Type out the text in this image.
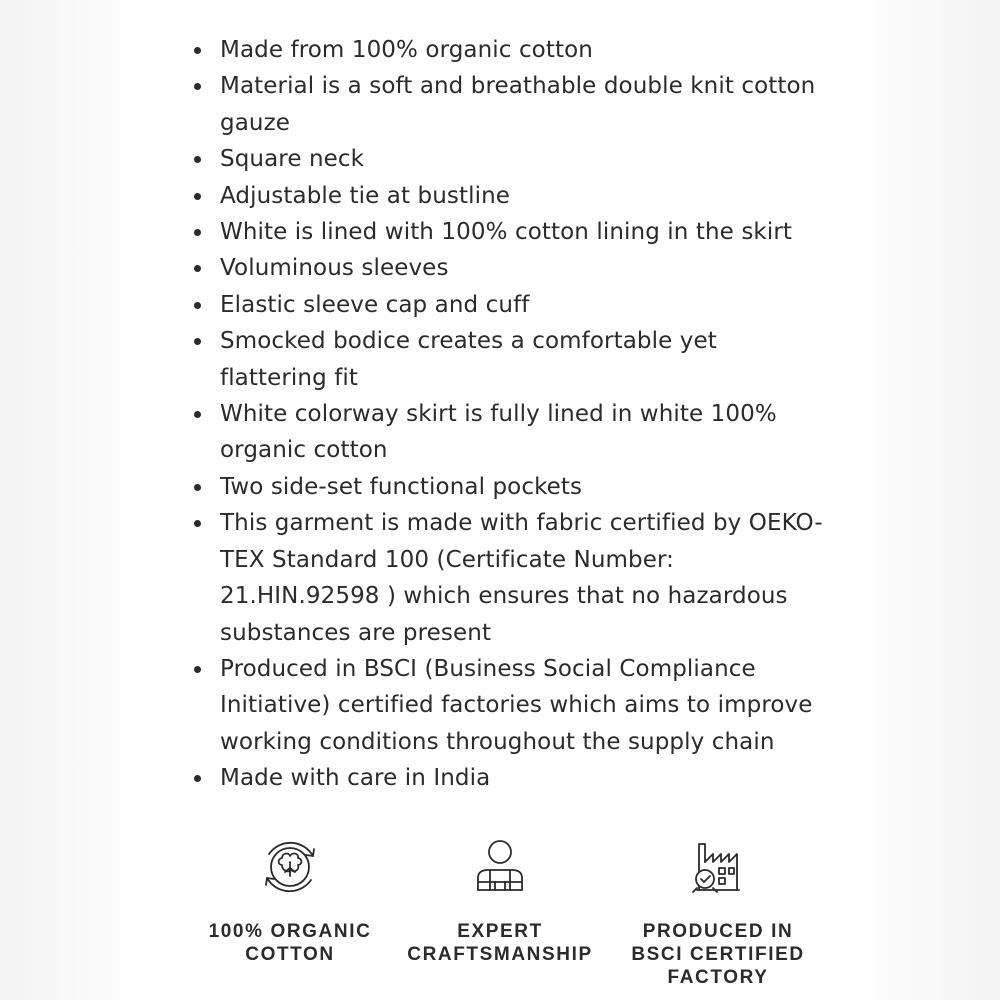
Made from 100% organic cotton
Material is a soft and breathable double knit cotton gauze
Square neck
Adjustable tie at bustline
White is lined with 100% cotton lining in the skirt
Voluminous sleeves
Elastic sleeve cap and cuff
Smocked bodice creates a comfortable yet flattering fit
White colorway skirt is fully lined in white 100% organic cotton
Two side-set functional pockets
This garment is made with fabric certified by OEKO-TEX Standard 100 (Certificate Number: 21.HIN.92598 ) which ensures that no hazardous substances are present
Produced in BSCI (Business Social Compliance Initiative) certified factories which aims to improve working conditions throughout the supply chain
Made with care in India
100% ORGANIC
COTTON
EXPERT
CRAFTSMANSHIP
PRODUCED IN
BSCI CERTIFIED
FACTORY
